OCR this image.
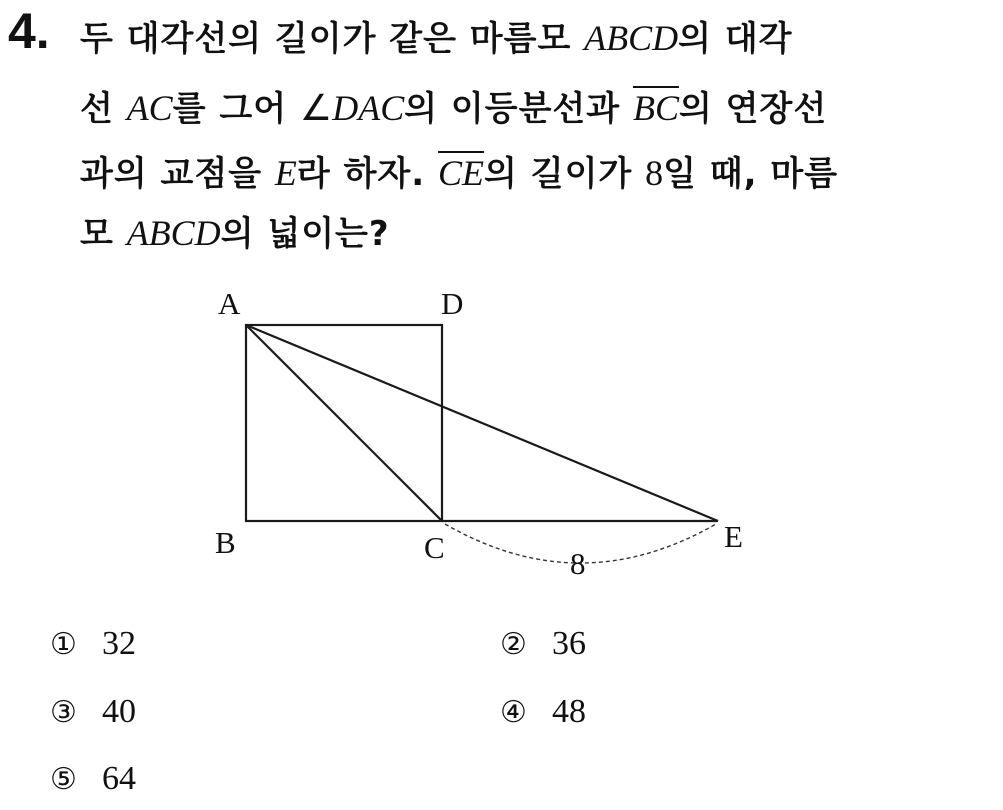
4. 두 대각선의 길이가 같은 마름모 ABCD의 대각
선 AC를 그어 ∠DAC의 이등분선과 $\overline{BC}$의 연장선
과의 교점을 E라 하자. $\overline{CE}$의 길이가 8일 때, 마름
모 ABCD의 넓이는?
A	D
B	C	E
8
① 32	② 36
③ 40	④ 48
⑤ 64
